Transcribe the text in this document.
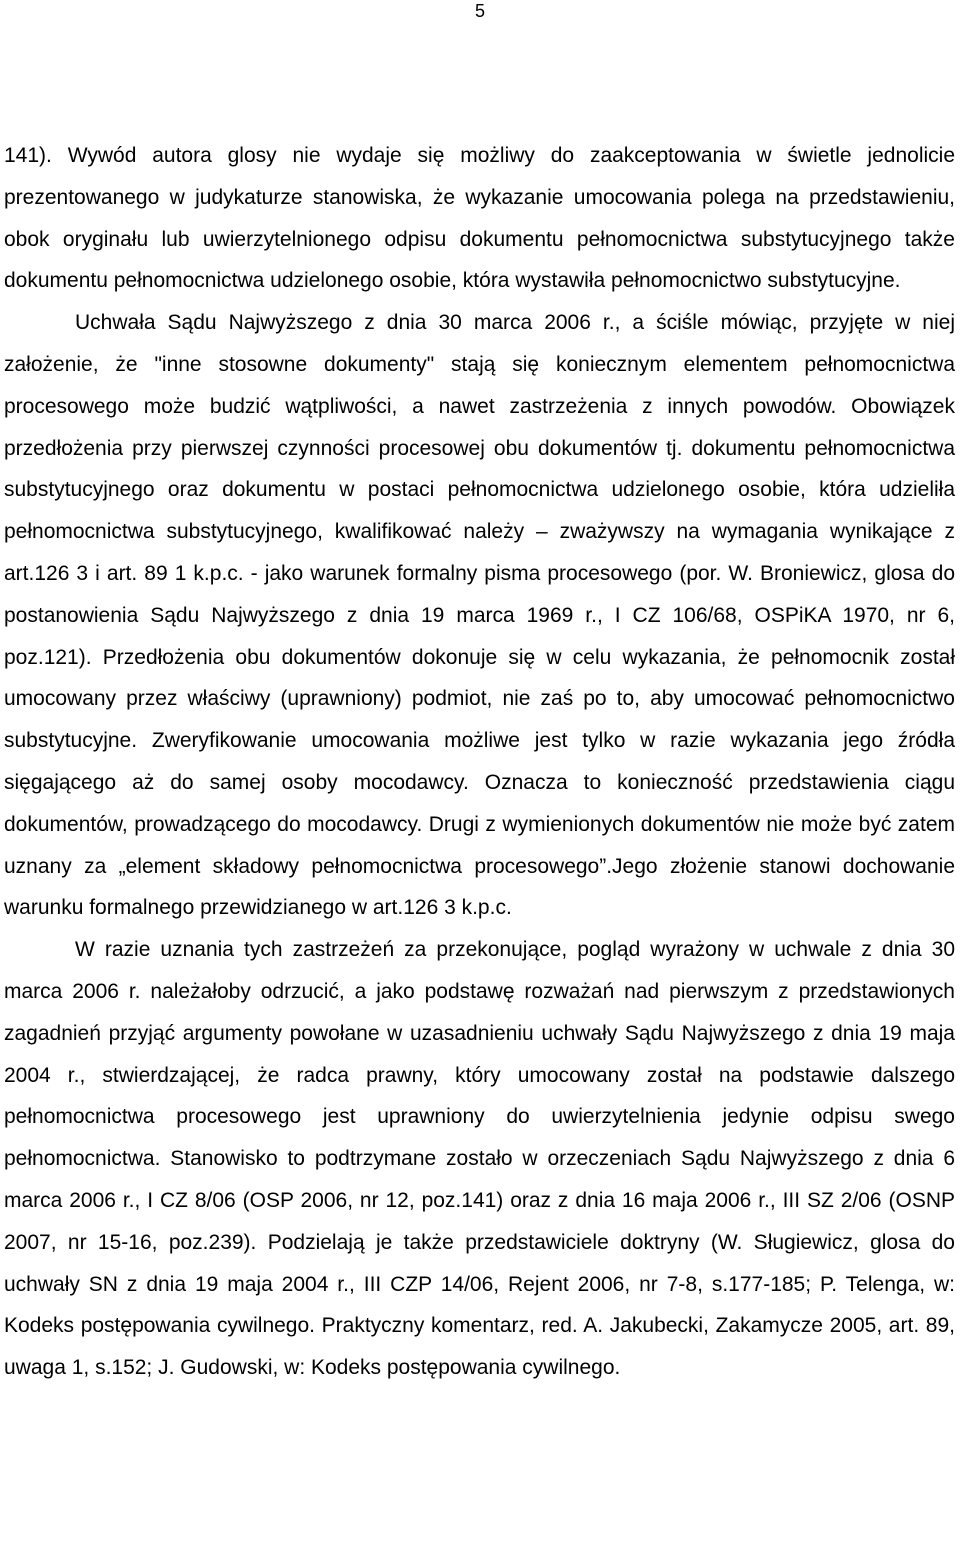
5

141). Wywód autora glosy nie wydaje się możliwy do zaakceptowania w świetle jednolicie prezentowanego w judykaturze stanowiska, że wykazanie umocowania polega na przedstawieniu, obok oryginału lub uwierzytelnionego odpisu dokumentu pełnomocnictwa substytucyjnego także dokumentu pełnomocnictwa udzielonego osobie, która wystawiła pełnomocnictwo substytucyjne.

Uchwała Sądu Najwyższego z dnia 30 marca 2006 r., a ściśle mówiąc, przyjęte w niej założenie, że "inne stosowne dokumenty" stają się koniecznym elementem pełnomocnictwa procesowego może budzić wątpliwości, a nawet zastrzeżenia z innych powodów. Obowiązek przedłożenia przy pierwszej czynności procesowej obu dokumentów tj. dokumentu pełnomocnictwa substytucyjnego oraz dokumentu w postaci pełnomocnictwa udzielonego osobie, która udzieliła pełnomocnictwa substytucyjnego, kwalifikować należy – zważywszy na wymagania wynikające z art.126 3 i art. 89 1 k.p.c. - jako warunek formalny pisma procesowego (por. W. Broniewicz, glosa do postanowienia Sądu Najwyższego z dnia 19 marca 1969 r., I CZ 106/68, OSPiKA 1970, nr 6, poz.121). Przedłożenia obu dokumentów dokonuje się w celu wykazania, że pełnomocnik został umocowany przez właściwy (uprawniony) podmiot, nie zaś po to, aby umocować pełnomocnictwo substytucyjne. Zweryfikowanie umocowania możliwe jest tylko w razie wykazania jego źródła sięgającego aż do samej osoby mocodawcy. Oznacza to konieczność przedstawienia ciągu dokumentów, prowadzącego do mocodawcy. Drugi z wymienionych dokumentów nie może być zatem uznany za „element składowy pełnomocnictwa procesowego”.Jego złożenie stanowi dochowanie warunku formalnego przewidzianego w art.126 3 k.p.c.

W razie uznania tych zastrzeżeń za przekonujące, pogląd wyrażony w uchwale z dnia 30 marca 2006 r. należałoby odrzucić, a jako podstawę rozważań nad pierwszym z przedstawionych zagadnień przyjąć argumenty powołane w uzasadnieniu uchwały Sądu Najwyższego z dnia 19 maja 2004 r., stwierdzającej, że radca prawny, który umocowany został na podstawie dalszego pełnomocnictwa procesowego jest uprawniony do uwierzytelnienia jedynie odpisu swego pełnomocnictwa. Stanowisko to podtrzymane zostało w orzeczeniach Sądu Najwyższego z dnia 6 marca 2006 r., I CZ 8/06 (OSP 2006, nr 12, poz.141) oraz z dnia 16 maja 2006 r., III SZ 2/06 (OSNP 2007, nr 15-16, poz.239). Podzielają je także przedstawiciele doktryny (W. Sługiewicz, glosa do uchwały SN z dnia 19 maja 2004 r., III CZP 14/06, Rejent 2006, nr 7-8, s.177-185; P. Telenga, w: Kodeks postępowania cywilnego. Praktyczny komentarz, red. A. Jakubecki, Zakamycze 2005, art. 89, uwaga 1, s.152; J. Gudowski, w: Kodeks postępowania cywilnego.
